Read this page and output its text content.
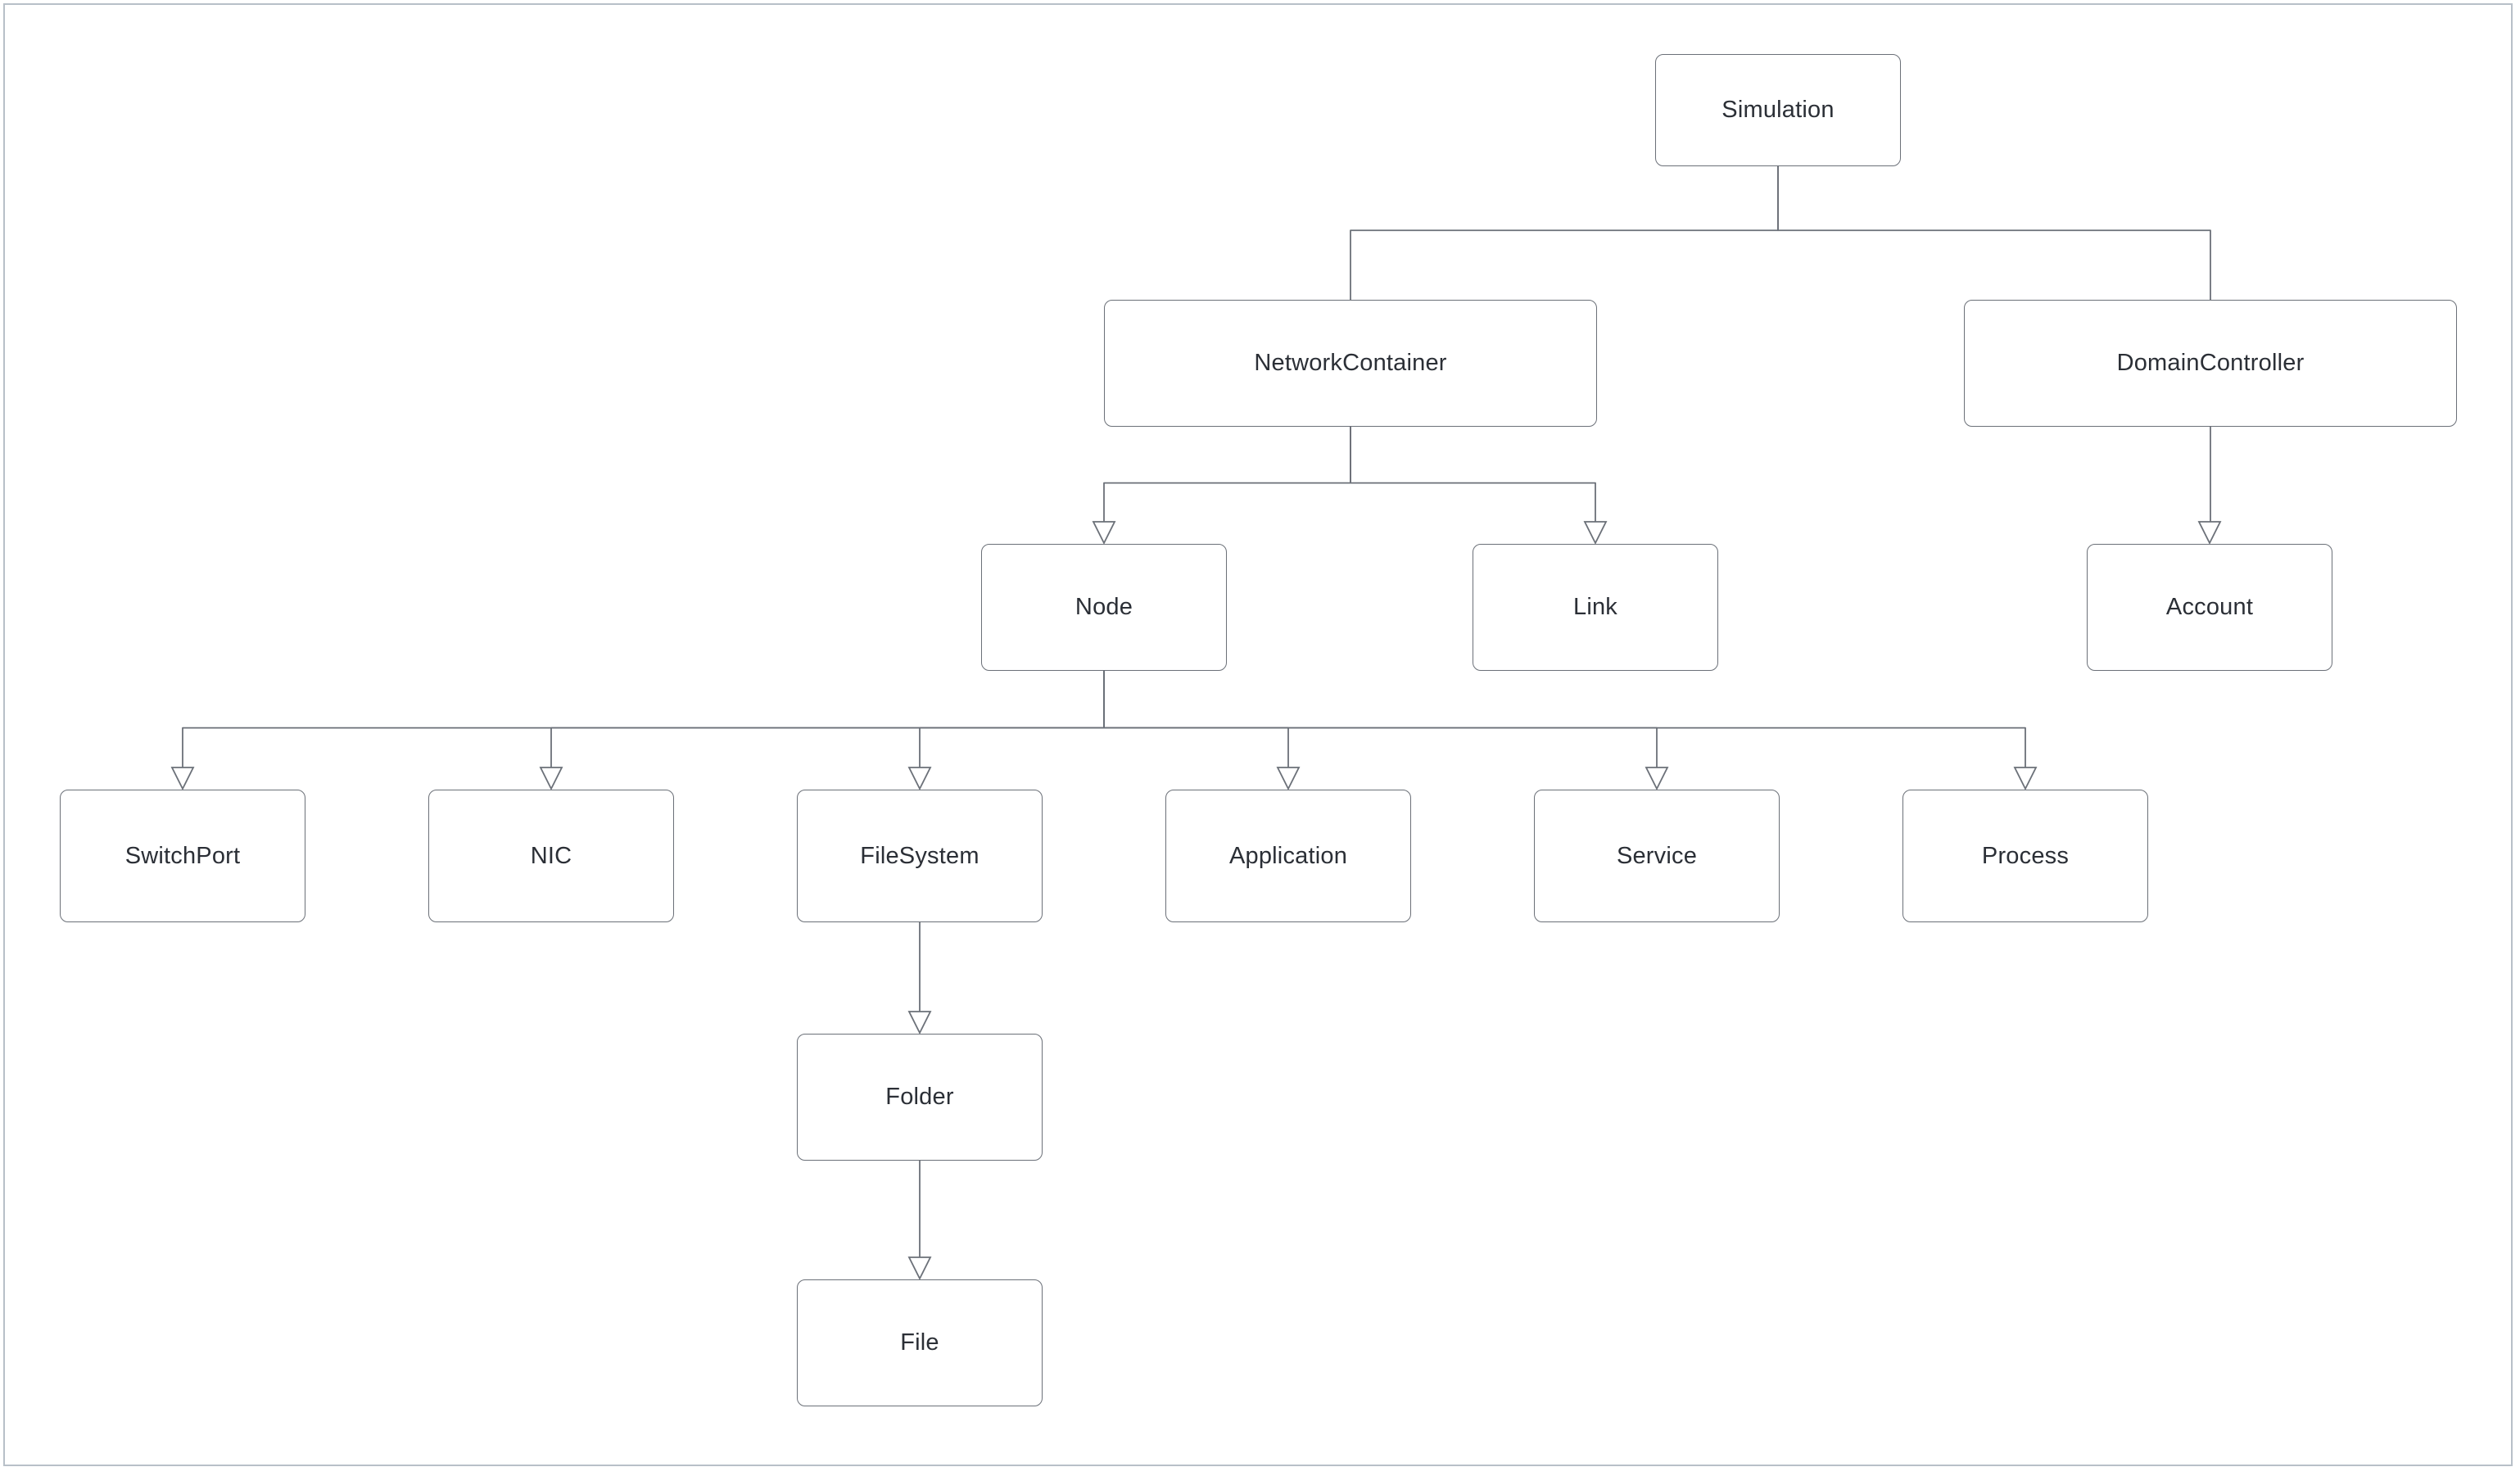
Simulation
NetworkContainer	DomainController
Node	Link	Account
SwitchPort	NIC	FileSystem	Application	Service	Process
Folder
File
